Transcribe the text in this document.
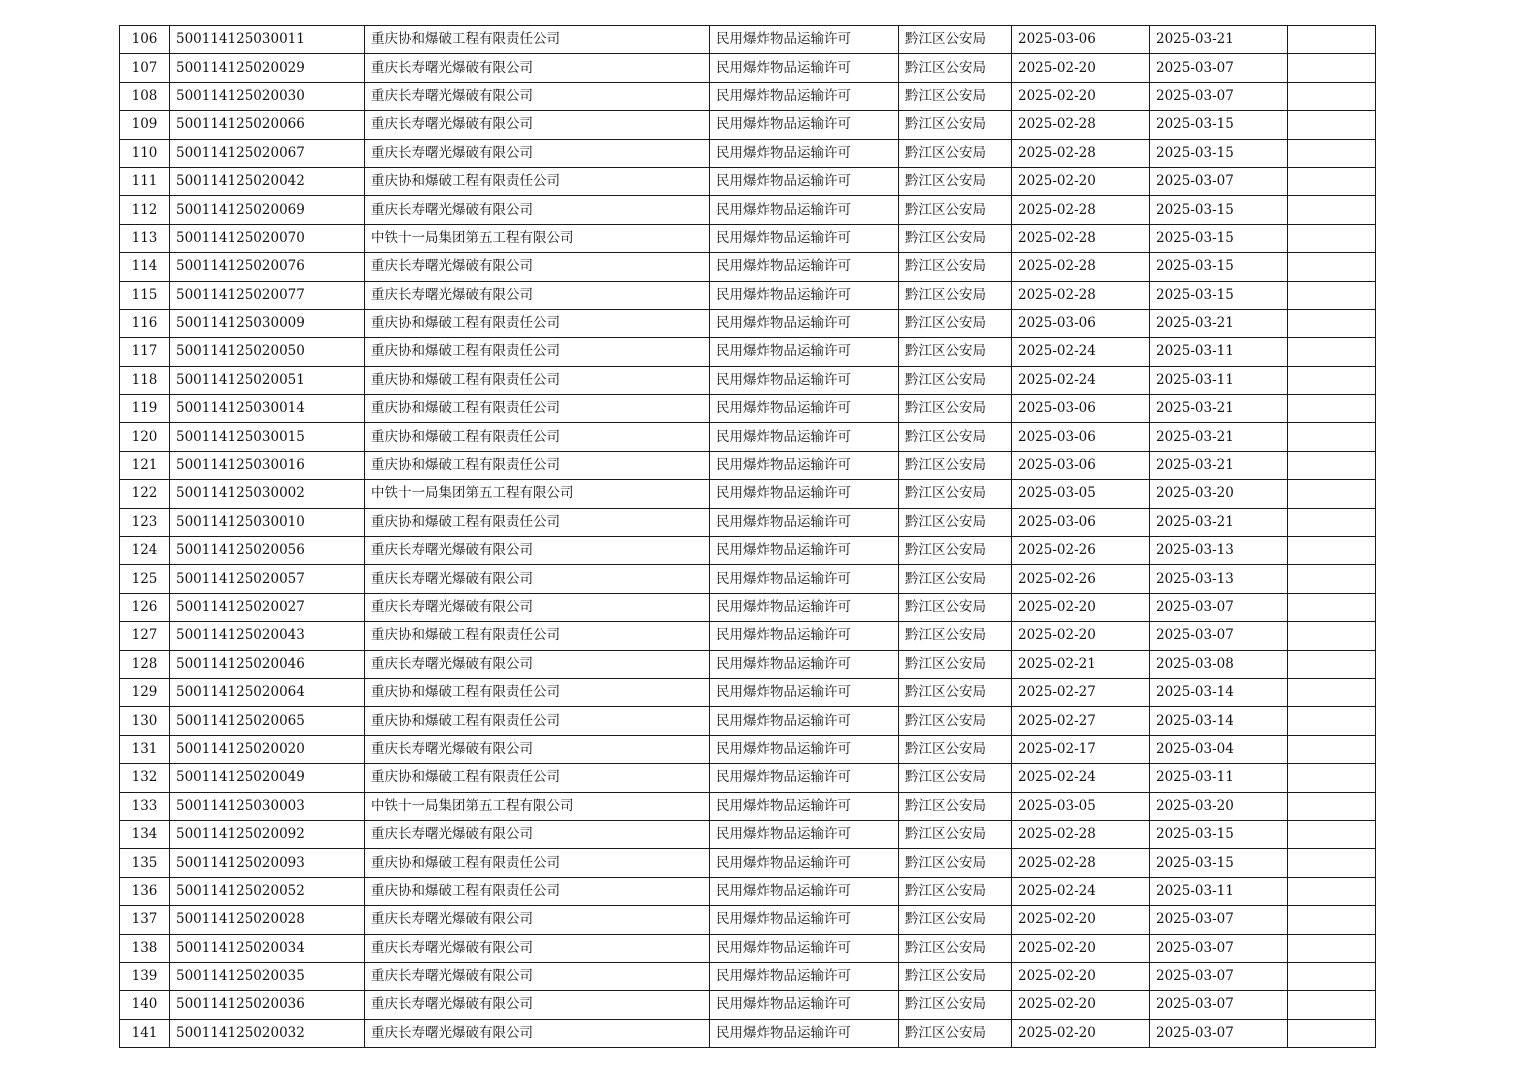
106	500114125030011	重庆协和爆破工程有限责任公司	民用爆炸物品运输许可	黔江区公安局	2025-03-06	2025-03-21	
107	500114125020029	重庆长寿曙光爆破有限公司	民用爆炸物品运输许可	黔江区公安局	2025-02-20	2025-03-07	
108	500114125020030	重庆长寿曙光爆破有限公司	民用爆炸物品运输许可	黔江区公安局	2025-02-20	2025-03-07	
109	500114125020066	重庆长寿曙光爆破有限公司	民用爆炸物品运输许可	黔江区公安局	2025-02-28	2025-03-15	
110	500114125020067	重庆长寿曙光爆破有限公司	民用爆炸物品运输许可	黔江区公安局	2025-02-28	2025-03-15	
111	500114125020042	重庆协和爆破工程有限责任公司	民用爆炸物品运输许可	黔江区公安局	2025-02-20	2025-03-07	
112	500114125020069	重庆长寿曙光爆破有限公司	民用爆炸物品运输许可	黔江区公安局	2025-02-28	2025-03-15	
113	500114125020070	中铁十一局集团第五工程有限公司	民用爆炸物品运输许可	黔江区公安局	2025-02-28	2025-03-15	
114	500114125020076	重庆长寿曙光爆破有限公司	民用爆炸物品运输许可	黔江区公安局	2025-02-28	2025-03-15	
115	500114125020077	重庆长寿曙光爆破有限公司	民用爆炸物品运输许可	黔江区公安局	2025-02-28	2025-03-15	
116	500114125030009	重庆协和爆破工程有限责任公司	民用爆炸物品运输许可	黔江区公安局	2025-03-06	2025-03-21	
117	500114125020050	重庆协和爆破工程有限责任公司	民用爆炸物品运输许可	黔江区公安局	2025-02-24	2025-03-11	
118	500114125020051	重庆协和爆破工程有限责任公司	民用爆炸物品运输许可	黔江区公安局	2025-02-24	2025-03-11	
119	500114125030014	重庆协和爆破工程有限责任公司	民用爆炸物品运输许可	黔江区公安局	2025-03-06	2025-03-21	
120	500114125030015	重庆协和爆破工程有限责任公司	民用爆炸物品运输许可	黔江区公安局	2025-03-06	2025-03-21	
121	500114125030016	重庆协和爆破工程有限责任公司	民用爆炸物品运输许可	黔江区公安局	2025-03-06	2025-03-21	
122	500114125030002	中铁十一局集团第五工程有限公司	民用爆炸物品运输许可	黔江区公安局	2025-03-05	2025-03-20	
123	500114125030010	重庆协和爆破工程有限责任公司	民用爆炸物品运输许可	黔江区公安局	2025-03-06	2025-03-21	
124	500114125020056	重庆长寿曙光爆破有限公司	民用爆炸物品运输许可	黔江区公安局	2025-02-26	2025-03-13	
125	500114125020057	重庆长寿曙光爆破有限公司	民用爆炸物品运输许可	黔江区公安局	2025-02-26	2025-03-13	
126	500114125020027	重庆长寿曙光爆破有限公司	民用爆炸物品运输许可	黔江区公安局	2025-02-20	2025-03-07	
127	500114125020043	重庆协和爆破工程有限责任公司	民用爆炸物品运输许可	黔江区公安局	2025-02-20	2025-03-07	
128	500114125020046	重庆长寿曙光爆破有限公司	民用爆炸物品运输许可	黔江区公安局	2025-02-21	2025-03-08	
129	500114125020064	重庆协和爆破工程有限责任公司	民用爆炸物品运输许可	黔江区公安局	2025-02-27	2025-03-14	
130	500114125020065	重庆协和爆破工程有限责任公司	民用爆炸物品运输许可	黔江区公安局	2025-02-27	2025-03-14	
131	500114125020020	重庆长寿曙光爆破有限公司	民用爆炸物品运输许可	黔江区公安局	2025-02-17	2025-03-04	
132	500114125020049	重庆协和爆破工程有限责任公司	民用爆炸物品运输许可	黔江区公安局	2025-02-24	2025-03-11	
133	500114125030003	中铁十一局集团第五工程有限公司	民用爆炸物品运输许可	黔江区公安局	2025-03-05	2025-03-20	
134	500114125020092	重庆长寿曙光爆破有限公司	民用爆炸物品运输许可	黔江区公安局	2025-02-28	2025-03-15	
135	500114125020093	重庆协和爆破工程有限责任公司	民用爆炸物品运输许可	黔江区公安局	2025-02-28	2025-03-15	
136	500114125020052	重庆协和爆破工程有限责任公司	民用爆炸物品运输许可	黔江区公安局	2025-02-24	2025-03-11	
137	500114125020028	重庆长寿曙光爆破有限公司	民用爆炸物品运输许可	黔江区公安局	2025-02-20	2025-03-07	
138	500114125020034	重庆长寿曙光爆破有限公司	民用爆炸物品运输许可	黔江区公安局	2025-02-20	2025-03-07	
139	500114125020035	重庆长寿曙光爆破有限公司	民用爆炸物品运输许可	黔江区公安局	2025-02-20	2025-03-07	
140	500114125020036	重庆长寿曙光爆破有限公司	民用爆炸物品运输许可	黔江区公安局	2025-02-20	2025-03-07	
141	500114125020032	重庆长寿曙光爆破有限公司	民用爆炸物品运输许可	黔江区公安局	2025-02-20	2025-03-07	
